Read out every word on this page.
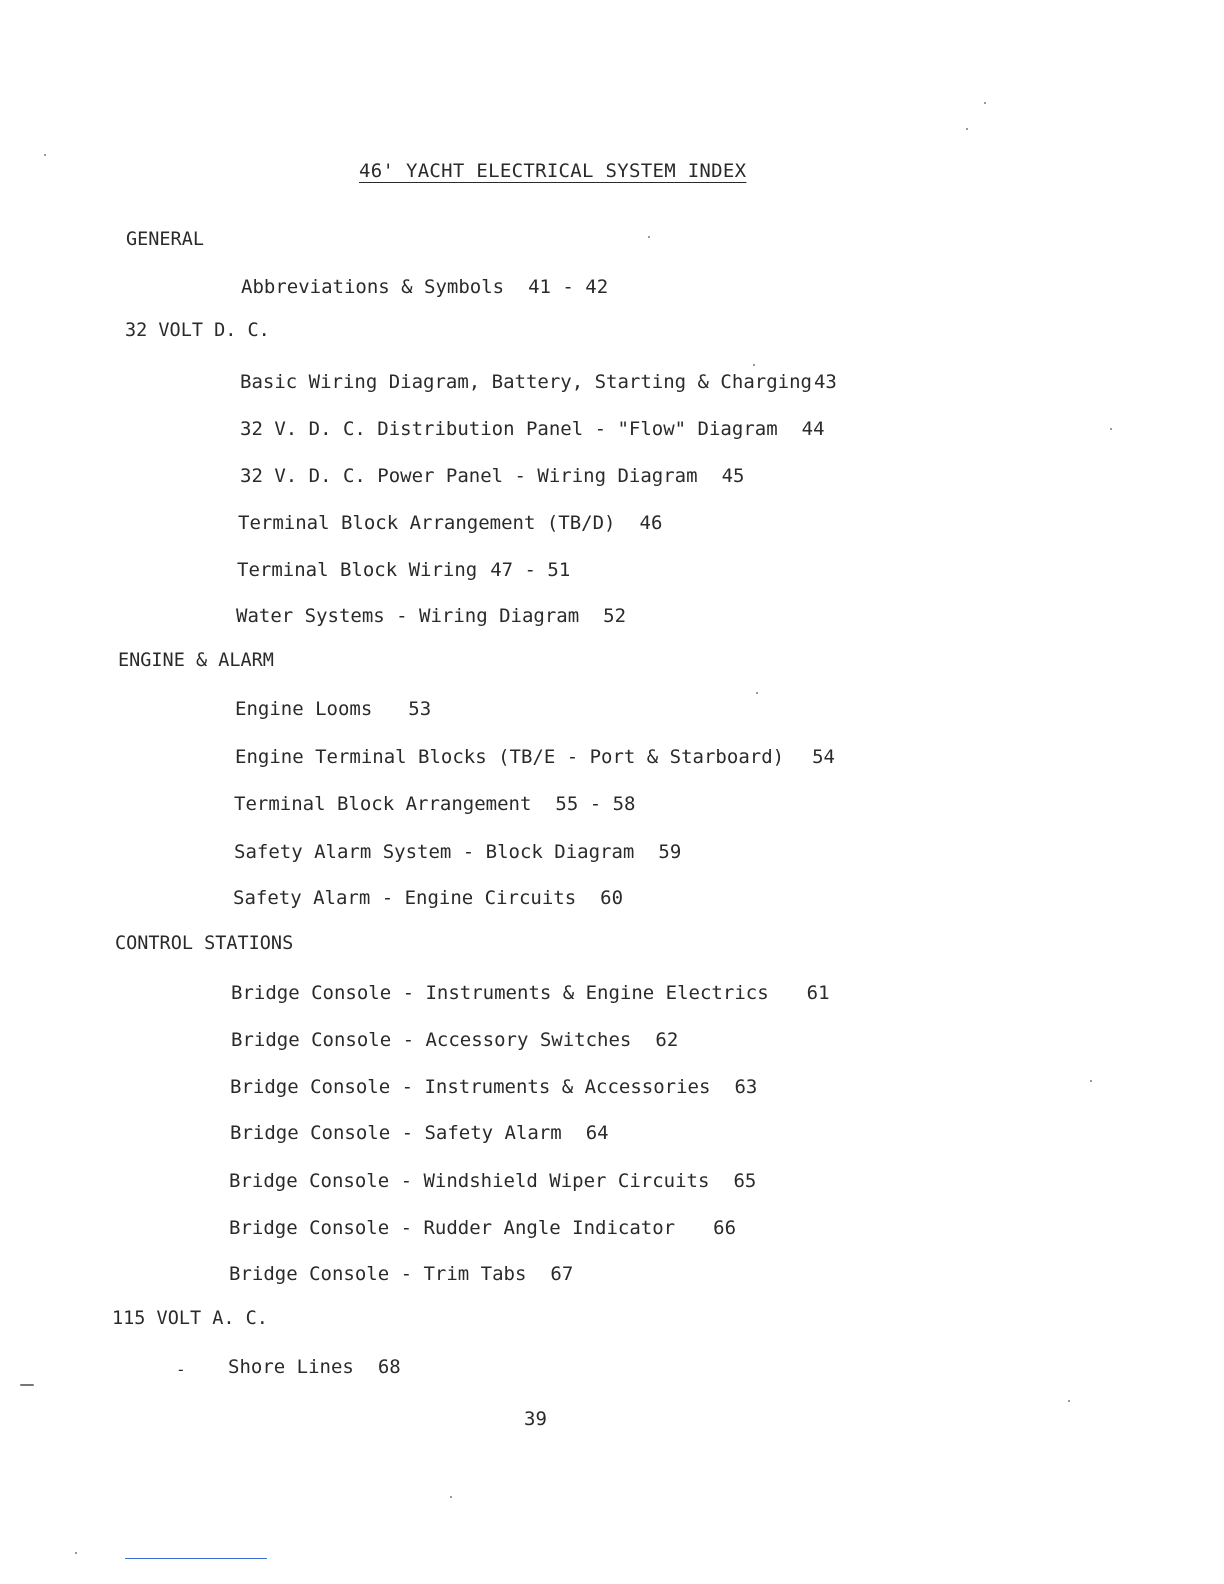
46' YACHT ELECTRICAL SYSTEM INDEX
GENERAL
Abbreviations & Symbols 41 - 42
32 VOLT D. C.
Basic Wiring Diagram, Battery, Starting & Charging 43
32 V. D. C. Distribution Panel - "Flow" Diagram 44
32 V. D. C. Power Panel - Wiring Diagram 45
Terminal Block Arrangement (TB/D) 46
Terminal Block Wiring 47 - 51
Water Systems - Wiring Diagram 52
ENGINE & ALARM
Engine Looms 53
Engine Terminal Blocks (TB/E - Port & Starboard) 54
Terminal Block Arrangement 55 - 58
Safety Alarm System - Block Diagram 59
Safety Alarm - Engine Circuits 60
CONTROL STATIONS
Bridge Console - Instruments & Engine Electrics 61
Bridge Console - Accessory Switches 62
Bridge Console - Instruments & Accessories 63
Bridge Console - Safety Alarm 64
Bridge Console - Windshield Wiper Circuits 65
Bridge Console - Rudder Angle Indicator 66
Bridge Console - Trim Tabs 67
115 VOLT A. C.
- Shore Lines 68
39
